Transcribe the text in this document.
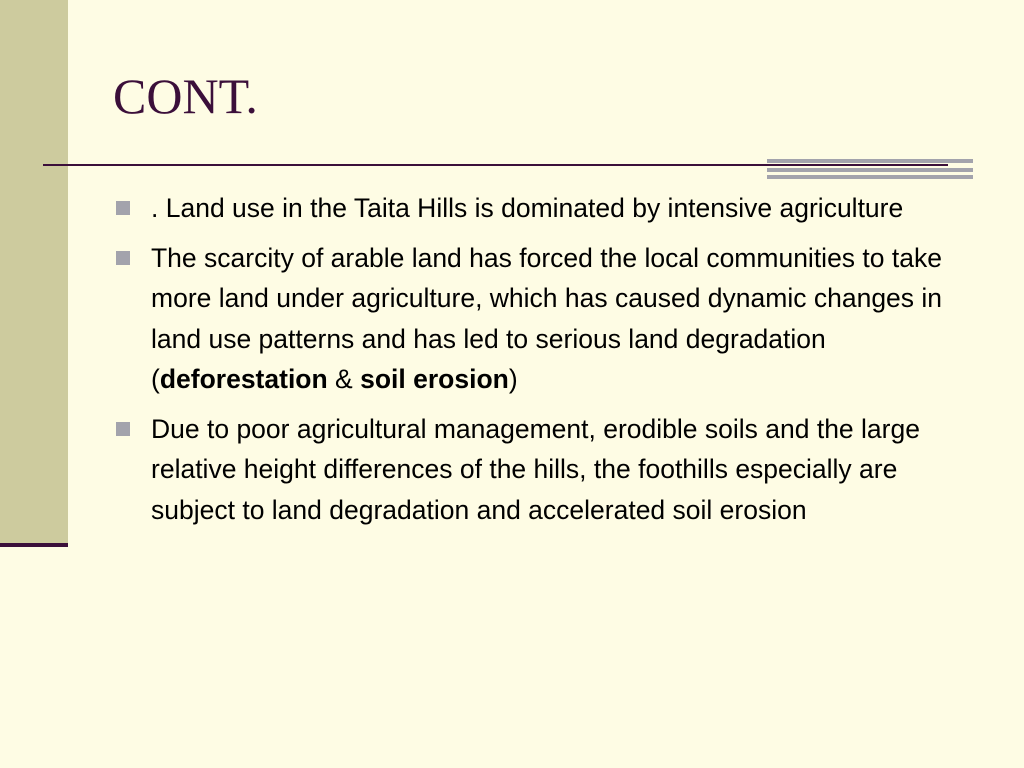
CONT.
. Land use in the Taita Hills is dominated by intensive agriculture
The scarcity of arable land has forced the local communities to take more land under agriculture, which has caused dynamic changes in land use patterns and has led to serious land degradation (deforestation & soil erosion)
Due to poor agricultural management, erodible soils and the large relative height differences of the hills, the foothills especially are subject to land degradation and accelerated soil erosion
